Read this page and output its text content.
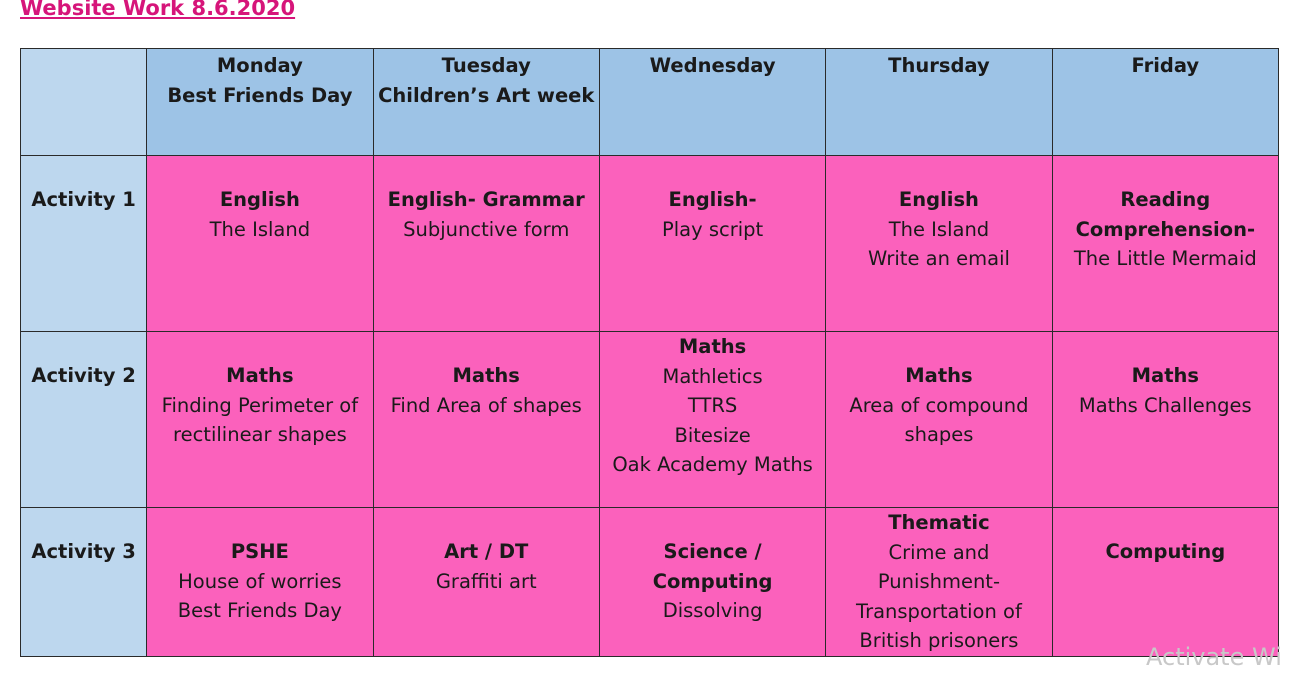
Website Work 8.6.2020

	Monday
Best Friends Day	Tuesday
Children’s Art week	Wednesday	Thursday	Friday

Activity 1	English
The Island	English- Grammar
Subjunctive form	English-
Play script	English
The Island
Write an email	Reading
Comprehension-
The Little Mermaid

Activity 2	Maths
Finding Perimeter of
rectilinear shapes	Maths
Find Area of shapes	Maths
Mathletics
TTRS
Bitesize
Oak Academy Maths	Maths
Area of compound
shapes	Maths
Maths Challenges

Activity 3	PSHE
House of worries
Best Friends Day	Art / DT
Graffiti art	Science /
Computing
Dissolving	Thematic
Crime and
Punishment-
Transportation of
British prisoners	Computing
Activate Wi
